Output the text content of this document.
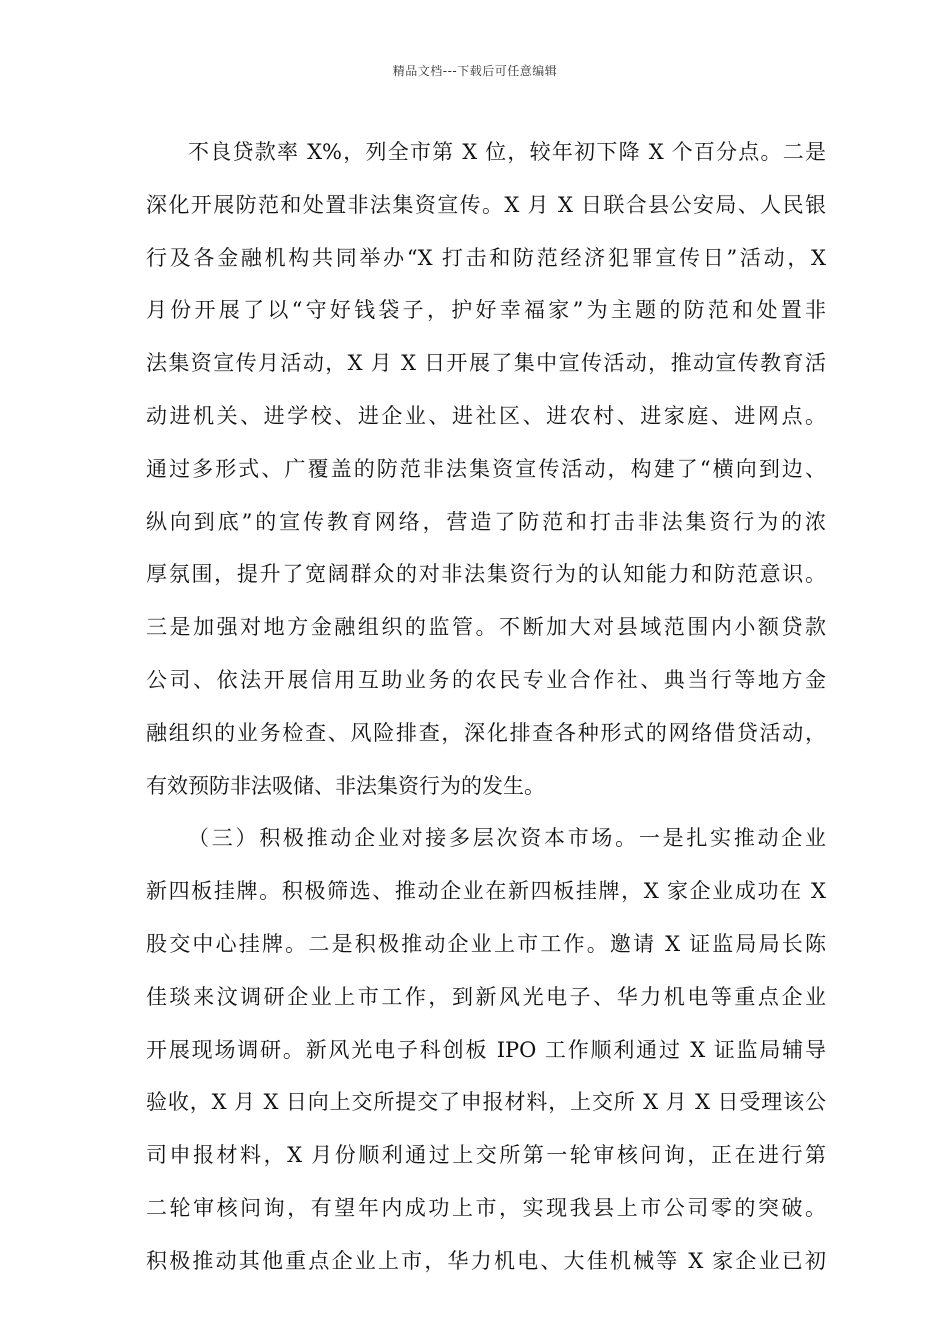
精品文档---下载后可任意编辑
不良贷款率 X%，列全市第 X 位，较年初下降 X 个百分点。二是
深化开展防范和处置非法集资宣传。X 月 X 日联合县公安局、人民银
行及各金融机构共同举办“X 打击和防范经济犯罪宣传日”活动，X
月份开展了以“守好钱袋子，护好幸福家”为主题的防范和处置非
法集资宣传月活动，X 月 X 日开展了集中宣传活动，推动宣传教育活
动进机关、进学校、进企业、进社区、进农村、进家庭、进网点。
通过多形式、广覆盖的防范非法集资宣传活动，构建了“横向到边、
纵向到底”的宣传教育网络，营造了防范和打击非法集资行为的浓
厚氛围，提升了宽阔群众的对非法集资行为的认知能力和防范意识。
三是加强对地方金融组织的监管。不断加大对县域范围内小额贷款
公司、依法开展信用互助业务的农民专业合作社、典当行等地方金
融组织的业务检查、风险排查，深化排查各种形式的网络借贷活动，
有效预防非法吸储、非法集资行为的发生。
（三）积极推动企业对接多层次资本市场。一是扎实推动企业
新四板挂牌。积极筛选、推动企业在新四板挂牌，X 家企业成功在 X
股交中心挂牌。二是积极推动企业上市工作。邀请 X 证监局局长陈
佳琰来汶调研企业上市工作，到新风光电子、华力机电等重点企业
开展现场调研。新风光电子科创板 IPO 工作顺利通过 X 证监局辅导
验收，X 月 X 日向上交所提交了申报材料，上交所 X 月 X 日受理该公
司申报材料，X 月份顺利通过上交所第一轮审核问询，正在进行第
二轮审核问询，有望年内成功上市，实现我县上市公司零的突破。
积极推动其他重点企业上市，华力机电、大佳机械等 X 家企业已初
